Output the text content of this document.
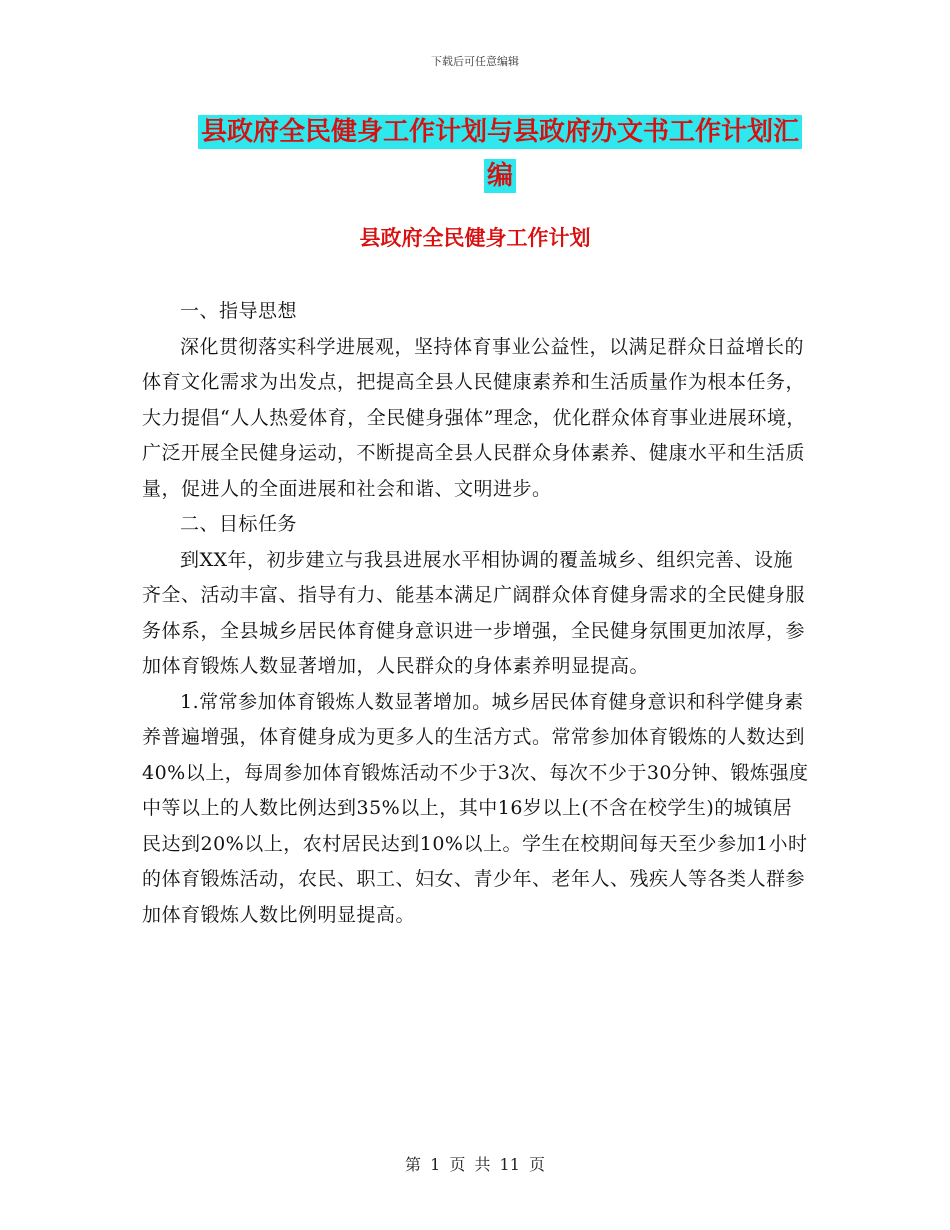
下载后可任意编辑
县政府全民健身工作计划与县政府办文书工作计划汇
编
县政府全民健身工作计划

一、指导思想

深化贯彻落实科学进展观，坚持体育事业公益性，以满足群众日益增长的体育文化需求为出发点，把提高全县人民健康素养和生活质量作为根本任务，大力提倡“人人热爱体育，全民健身强体”理念，优化群众体育事业进展环境，广泛开展全民健身运动，不断提高全县人民群众身体素养、健康水平和生活质量，促进人的全面进展和社会和谐、文明进步。

二、目标任务

到XX年，初步建立与我县进展水平相协调的覆盖城乡、组织完善、设施齐全、活动丰富、指导有力、能基本满足广阔群众体育健身需求的全民健身服务体系，全县城乡居民体育健身意识进一步增强，全民健身氛围更加浓厚，参加体育锻炼人数显著增加，人民群众的身体素养明显提高。

1.常常参加体育锻炼人数显著增加。城乡居民体育健身意识和科学健身素养普遍增强，体育健身成为更多人的生活方式。常常参加体育锻炼的人数达到40%以上，每周参加体育锻炼活动不少于3次、每次不少于30分钟、锻炼强度中等以上的人数比例达到35%以上，其中16岁以上(不含在校学生)的城镇居民达到20%以上，农村居民达到10%以上。学生在校期间每天至少参加1小时的体育锻炼活动，农民、职工、妇女、青少年、老年人、残疾人等各类人群参加体育锻炼人数比例明显提高。

第 1 页 共 11 页
